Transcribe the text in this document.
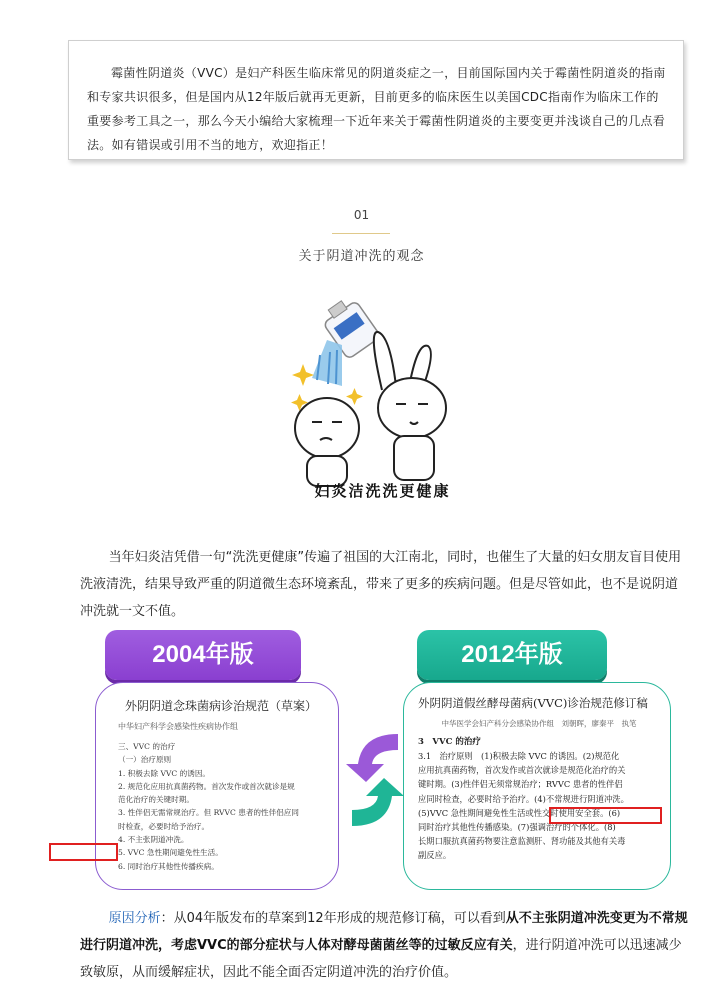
霉菌性阴道炎（VVC）是妇产科医生临床常见的阴道炎症之一，目前国际国内关于霉菌性阴道炎的指南和专家共识很多，但是国内从12年版后就再无更新，目前更多的临床医生以美国CDC指南作为临床工作的重要参考工具之一，那么今天小编给大家梳理一下近年来关于霉菌性阴道炎的主要变更并浅谈自己的几点看法。如有错误或引用不当的地方，欢迎指正！

01
关于阴道冲洗的观念
妇炎洁洗洗更健康

当年妇炎洁凭借一句“洗洗更健康”传遍了祖国的大江南北，同时，也催生了大量的妇女朋友盲目使用洗液清洗，结果导致严重的阴道微生态环境紊乱，带来了更多的疾病问题。但是尽管如此，也不是说阴道冲洗就一文不值。

2004年版	2012年版
外阴阴道念珠菌病诊治规范（草案）
中华妇产科学会感染性疾病协作组
三、VVC 的治疗
（一）治疗原则
1. 积极去除 VVC 的诱因。
2. 规范化应用抗真菌药物。首次发作或首次就诊是规
范化治疗的关键时期。
3. 性伴侣无需常规治疗。但 RVVC 患者的性伴侣应同
时检查，必要时给予治疗。
4. 不主张阴道冲洗。
5. VVC 急性期间避免性生活。
6. 同时治疗其他性传播疾病。
外阴阴道假丝酵母菌病(VVC)诊治规范修订稿
中华医学会妇产科分会感染协作组　刘朝晖，廖秦平　执笔
3　VVC 的治疗
3.1　治疗原则　(1)积极去除 VVC 的诱因。(2)规范化
应用抗真菌药物，首次发作或首次就诊是规范化治疗的关
键时期。(3)性伴侣无须常规治疗；RVVC 患者的性伴侣
应同时检查，必要时给予治疗。(4)不常规进行阴道冲洗。
(5)VVC 急性期间避免性生活或性交时使用安全套。(6)
同时治疗其他性传播感染。(7)强调治疗的个体化。(8)
长期口服抗真菌药物要注意监测肝、肾功能及其他有关毒
副反应。

原因分析：从04年版发布的草案到12年形成的规范修订稿，可以看到从不主张阴道冲洗变更为不常规进行阴道冲洗，考虑VVC的部分症状与人体对酵母菌菌丝等的过敏反应有关，进行阴道冲洗可以迅速减少致敏原，从而缓解症状，因此不能全面否定阴道冲洗的治疗价值。
